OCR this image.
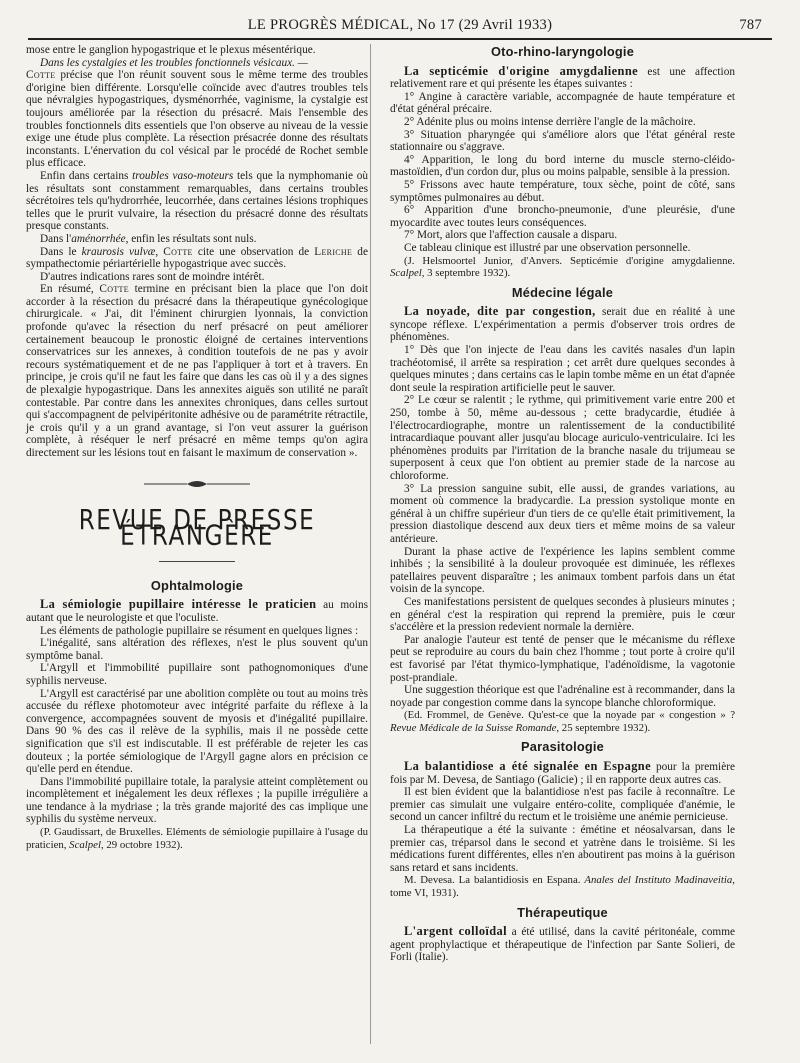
LE PROGRÈS MÉDICAL, No 17 (29 Avril 1933)	787

mose entre le ganglion hypogastrique et le plexus mésentérique.

Dans les cystalgies et les troubles fonctionnels vésicaux. —

Cotte précise que l'on réunit souvent sous le même terme des troubles d'origine bien différente. Lorsqu'elle coïncide avec d'autres troubles tels que névralgies hypogastriques, dysménorrhée, vaginisme, la cystalgie est toujours améliorée par la résection du présacré. Mais l'ensemble des troubles fonctionnels dits essentiels que l'on observe au niveau de la vessie exige une étude plus complète. La résection présacrée donne des résultats inconstants. L'énervation du col vésical par le procédé de Rochet semble plus efficace.

Enfin dans certains troubles vaso-moteurs tels que la nymphomanie où les résultats sont constamment remarquables, dans certains troubles sécrétoires tels qu'hydrorrhée, leucorrhée, dans certaines lésions trophiques telles que le prurit vulvaire, la résection du présacré donne des résultats presque constants.

Dans l'aménorrhée, enfin les résultats sont nuls.

Dans le kraurosis vulvæ, Cotte cite une observation de Leriche de sympathectomie périartérielle hypogastrique avec succès.

D'autres indications rares sont de moindre intérêt.

En résumé, Cotte termine en précisant bien la place que l'on doit accorder à la résection du présacré dans la thérapeutique gynécologique chirurgicale. « J'ai, dit l'éminent chirurgien lyonnais, la conviction profonde qu'avec la résection du nerf présacré on peut améliorer certainement beaucoup le pronostic éloigné de certaines interventions conservatrices sur les annexes, à condition toutefois de ne pas y avoir recours systématiquement et de ne pas l'appliquer à tort et à travers. En principe, je crois qu'il ne faut les faire que dans les cas où il y a des signes de plexalgie hypogastrique. Dans les annexites aiguës son utilité ne paraît contestable. Par contre dans les annexites chroniques, dans celles surtout qui s'accompagnent de pelvipéritonite adhésive ou de paramétrite rétractile, je crois qu'il y a un grand avantage, si l'on veut assurer la guérison complète, à réséquer le nerf présacré en même temps qu'on agira directement sur les lésions tout en faisant le maximum de conservation ».

REVUE DE PRESSE ÉTRANGÈRE
Ophtalmologie

La sémiologie pupillaire intéresse le praticien au moins autant que le neurologiste et que l'oculiste.

Les éléments de pathologie pupillaire se résument en quelques lignes :

L'inégalité, sans altération des réflexes, n'est le plus souvent qu'un symptôme banal.

L'Argyll et l'immobilité pupillaire sont pathognomoniques d'une syphilis nerveuse.

L'Argyll est caractérisé par une abolition complète ou tout au moins très accusée du réflexe photomoteur avec intégrité parfaite du réflexe à la convergence, accompagnées souvent de myosis et d'inégalité pupillaire. Dans 90 % des cas il relève de la syphilis, mais il ne possède cette signification que s'il est indiscutable. Il est préférable de rejeter les cas douteux ; la portée sémiologique de l'Argyll gagne alors en précision ce qu'elle perd en étendue.

Dans l'immobilité pupillaire totale, la paralysie atteint complètement ou incomplètement et inégalement les deux réflexes ; la pupille irrégulière a une tendance à la mydriase ; la très grande majorité des cas implique une syphilis du système nerveux.

(P. Gaudissart, de Bruxelles. Eléments de sémiologie pupillaire à l'usage du praticien, Scalpel, 29 octobre 1932).

Oto-rhino-laryngologie

La septicémie d'origine amygdalienne est une affection relativement rare et qui présente les étapes suivantes :

1° Angine à caractère variable, accompagnée de haute température et d'état général précaire.

2° Adénite plus ou moins intense derrière l'angle de la mâchoire.

3° Situation pharyngée qui s'améliore alors que l'état général reste stationnaire ou s'aggrave.

4° Apparition, le long du bord interne du muscle sterno-cléido-mastoïdien, d'un cordon dur, plus ou moins palpable, sensible à la pression.

5° Frissons avec haute température, toux sèche, point de côté, sans symptômes pulmonaires au début.

6° Apparition d'une broncho-pneumonie, d'une pleurésie, d'une myocardite avec toutes leurs conséquences.

7° Mort, alors que l'affection causale a disparu.

Ce tableau clinique est illustré par une observation personnelle.

(J. Helsmoortel Junior, d'Anvers. Septicémie d'origine amygdalienne. Scalpel, 3 septembre 1932).

Médecine légale

La noyade, dite par congestion, serait due en réalité à une syncope réflexe. L'expérimentation a permis d'observer trois ordres de phénomènes.

1° Dès que l'on injecte de l'eau dans les cavités nasales d'un lapin trachéotomisé, il arrête sa respiration ; cet arrêt dure quelques secondes à quelques minutes ; dans certains cas le lapin tombe même en un état d'apnée dont seule la respiration artificielle peut le sauver.

2° Le cœur se ralentit ; le rythme, qui primitivement varie entre 200 et 250, tombe à 50, même au-dessous ; cette bradycardie, étudiée à l'électrocardiographe, montre un ralentissement de la conductibilité intracardiaque pouvant aller jusqu'au blocage auriculo-ventriculaire. Ici les phénomènes produits par l'irritation de la branche nasale du trijumeau se superposent à ceux que l'on obtient au premier stade de la narcose au chloroforme.

3° La pression sanguine subit, elle aussi, de grandes variations, au moment où commence la bradycardie. La pression systolique monte en général à un chiffre supérieur d'un tiers de ce qu'elle était primitivement, la pression diastolique descend aux deux tiers et même moins de sa valeur antérieure.

Durant la phase active de l'expérience les lapins semblent comme inhibés ; la sensibilité à la douleur provoquée est diminuée, les réflexes patellaires peuvent disparaître ; les animaux tombent parfois dans un état voisin de la syncope.

Ces manifestations persistent de quelques secondes à plusieurs minutes ; en général c'est la respiration qui reprend la première, puis le cœur s'accélère et la pression redevient normale la dernière.

Par analogie l'auteur est tenté de penser que le mécanisme du réflexe peut se reproduire au cours du bain chez l'homme ; tout porte à croire qu'il est favorisé par l'état thymico-lymphatique, l'adénoïdisme, la vagotonie post-prandiale.

Une suggestion théorique est que l'adrénaline est à recommander, dans la noyade par congestion comme dans la syncope blanche chloroformique.

(Ed. Frommel, de Genève. Qu'est-ce que la noyade par « congestion » ? Revue Médicale de la Suisse Romande, 25 septembre 1932).

Parasitologie

La balantidiose a été signalée en Espagne pour la première fois par M. Devesa, de Santiago (Galicie) ; il en rapporte deux autres cas.

Il est bien évident que la balantidiose n'est pas facile à reconnaître. Le premier cas simulait une vulgaire entéro-colite, compliquée d'anémie, le second un cancer infiltré du rectum et le troisième une anémie pernicieuse.

La thérapeutique a été la suivante : émétine et néosalvarsan, dans le premier cas, tréparsol dans le second et yatrène dans le troisième. Si les médications furent différentes, elles n'en aboutirent pas moins à la guérison sans retard et sans incidents.

M. Devesa. La balantidiosis en Espana. Anales del Instituto Madinaveitia, tome VI, 1931).

Thérapeutique

L'argent colloïdal a été utilisé, dans la cavité péritonéale, comme agent prophylactique et thérapeutique de l'infection par Sante Solieri, de Forli (Italie).
